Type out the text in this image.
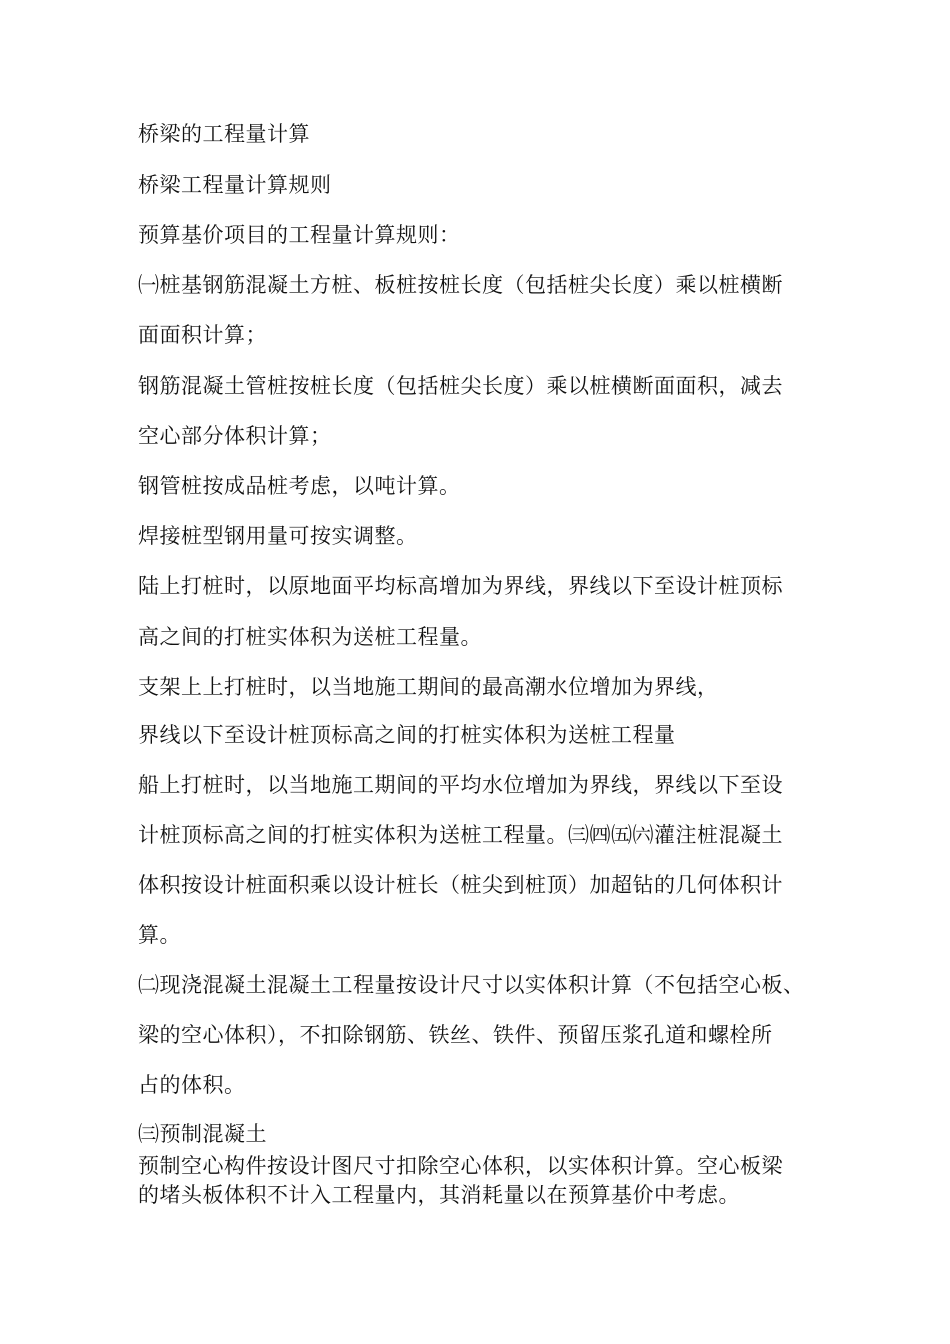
桥梁的工程量计算

桥梁工程量计算规则

预算基价项目的工程量计算规则：

㈠桩基钢筋混凝土方桩、板桩按桩长度（包括桩尖长度）乘以桩横断

面面积计算；

钢筋混凝土管桩按桩长度（包括桩尖长度）乘以桩横断面面积，减去

空心部分体积计算；

钢管桩按成品桩考虑，以吨计算。

焊接桩型钢用量可按实调整。

陆上打桩时，以原地面平均标高增加为界线，界线以下至设计桩顶标

高之间的打桩实体积为送桩工程量。

支架上上打桩时，以当地施工期间的最高潮水位增加为界线，

界线以下至设计桩顶标高之间的打桩实体积为送桩工程量

船上打桩时，以当地施工期间的平均水位增加为界线，界线以下至设

计桩顶标高之间的打桩实体积为送桩工程量。㈢㈣㈤㈥灌注桩混凝土

体积按设计桩面积乘以设计桩长（桩尖到桩顶）加超钻的几何体积计

算。

㈡现浇混凝土混凝土工程量按设计尺寸以实体积计算（不包括空心板、

梁的空心体积），不扣除钢筋、铁丝、铁件、预留压浆孔道和螺栓所

占的体积。

㈢预制混凝土

预制空心构件按设计图尺寸扣除空心体积，以实体积计算。空心板梁

的堵头板体积不计入工程量内，其消耗量以在预算基价中考虑。
